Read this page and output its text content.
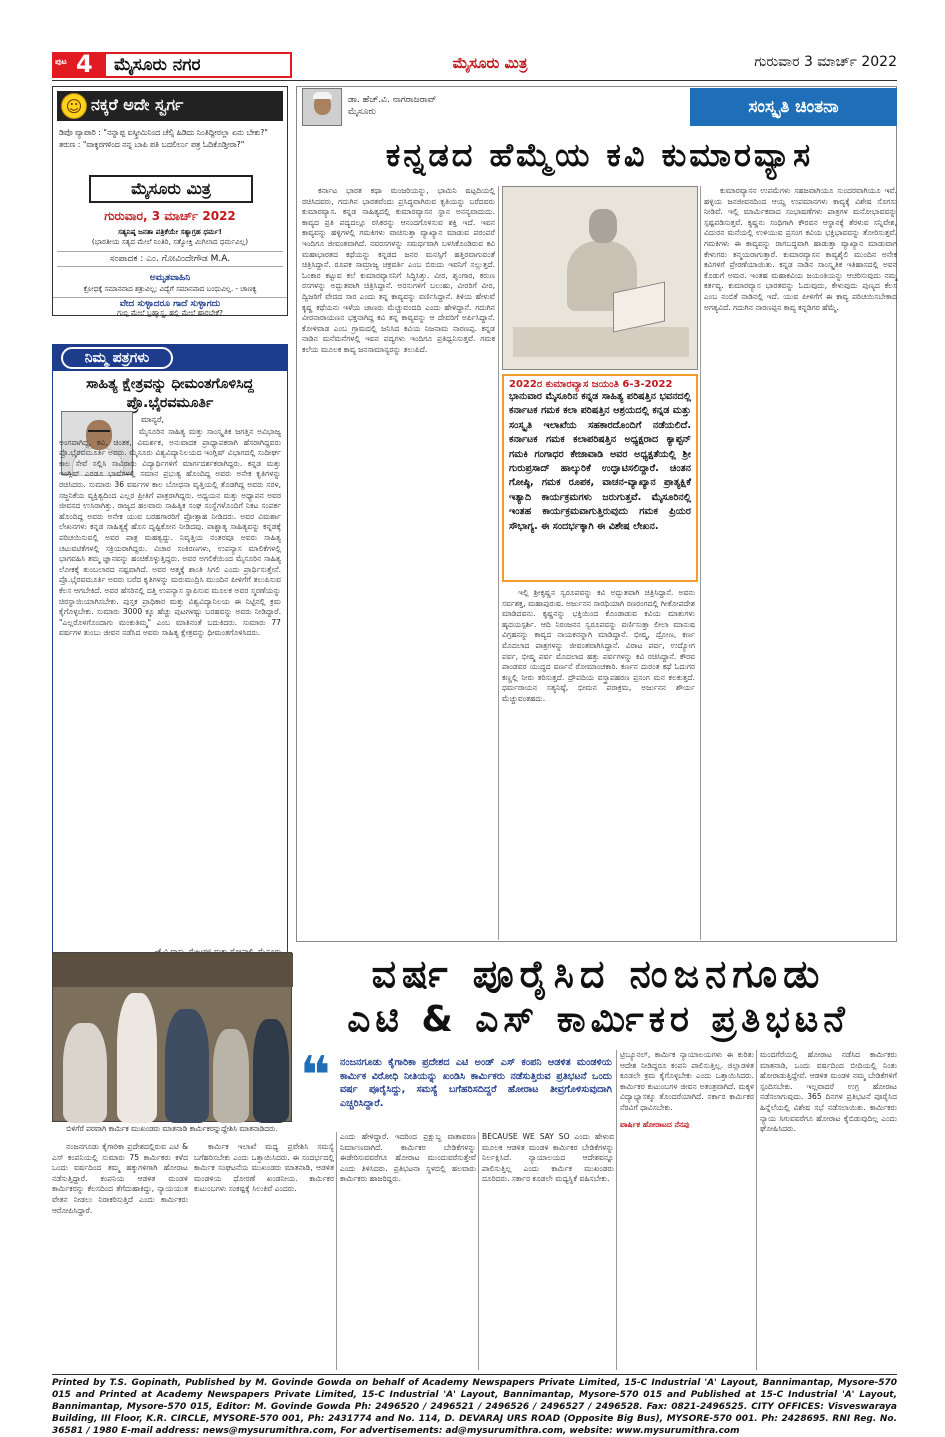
ಪುಟ 4	ಮೈಸೂರು ನಗರ	ಮೈಸೂರು ಮಿತ್ರ	ಗುರುವಾರ 3 ಮಾರ್ಚ್ 2022
☺ ನಕ್ಕರೆ ಅದೇ ಸ್ವರ್ಗ
ಡಿಪೊ ವ್ಯಾಪಾರಿ : "ನನ್ನಾಪ್ಪ ಐಸ್ಕ್ರೀಮಿನಿಂದ ಚೆಲ್ಸಿ ಹಿಡಿದು ನಿಂತಿದ್ದೀರಲ್ಲಾ ಏನು ಬೇಕು?"
ತರುಣ : "ವಾಕ್ಶರಗಳಿಂದ ನನ್ನ ಬಾಪಿ ಪತಿ ಬದಲಿರ್ಲು ಪತ್ರ ಓದಿಕೊಡ್ತೀರಾ?"
ಮೈಸೂರು ಮಿತ್ರ
ಗುರುವಾರ, 3 ಮಾರ್ಚ್ 2022
ಸತ್ಯನಿಷ್ಠ ಜನತಾ ಪತ್ರಿಕೆಯೇ ಸತ್ಯಾಗ್ರಹ ಧರ್ಮ!
(ಭಾರತೀಯ ಸತ್ಯದ ಮೇಲೆ ನಿಂತಿರಿ, ಸತ್ಯೋಕ್ತಿ ಮಿಗಿಲಾದ ಧರ್ಮವಿಲ್ಲ)
ಸಂಪಾದಕ : ಎಂ. ಗೋವಿಂದೇಗೌಡ M.A.
ಅಮೃತವಾಹಿನಿ
ಕ್ರೋಧಕ್ಕೆ ಸಮಾನವಾದ ಶತ್ರುವಿಲ್ಲ; ವಿದ್ಯೆಗೆ ಸಮಾನವಾದ ಬಂಧುವಿಲ್ಲ. - ಚಾಣಕ್ಯ
ವೇದ ಸುಳ್ಳಾದರೂ ಗಾದೆ ಸುಳ್ಳಾಗದು
ಗುಬ್ಬಿ ಮೇಲೆ ಬ್ರಹ್ಮಾಸ್ತ್ರ, ಹಲ್ಲಿ ಮೇಲೆ ಹಾರಬೇಕೆ?
ನಿಮ್ಮ ಪತ್ರಗಳು
ಸಾಹಿತ್ಯ ಕ್ಷೇತ್ರವನ್ನು ಧೀಮಂತಗೊಳಿಸಿದ್ದ ಪ್ರೊ.ಭೈರವಮೂರ್ತಿ
ಮಾನ್ಯರೆ,
ಮೈಸೂರಿನ ಸಾಹಿತ್ಯ ಮತ್ತು ಸಾಂಸ್ಕೃತಿಕ ಜಗತ್ತಿನ ಅವಿಭಾಜ್ಯ ಅಂಗವಾಗಿದ್ದ, ಕವಿ, ಚಿಂತಕ, ವಿಮರ್ಶಕ, ಅನುವಾದಕ ಪ್ರಾಧ್ಯಾಪಕರಾಗಿ ಹೆಸರಾಗಿದ್ದವರು ಪ್ರೊ.ಭೈರವಮೂರ್ತಿ ಅವರು. ಮೈಸೂರು ವಿಶ್ವವಿದ್ಯಾನಿಲಯದ ಇಂಗ್ಲಿಷ್ ವಿಭಾಗದಲ್ಲಿ ಸುದೀರ್ಘ ಕಾಲ ಸೇವೆ ಸಲ್ಲಿಸಿ ಸಾವಿರಾರು ವಿದ್ಯಾರ್ಥಿಗಳಿಗೆ ಮಾರ್ಗದರ್ಶಕರಾಗಿದ್ದರು. ಕನ್ನಡ ಮತ್ತು ಇಂಗ್ಲಿಷ್ ಎರಡೂ ಭಾಷೆಗಳಲ್ಲಿ ಸಮಾನ ಪ್ರಭುತ್ವ ಹೊಂದಿದ್ದ ಅವರು ಅನೇಕ ಕೃತಿಗಳನ್ನು ರಚಿಸಿದರು. ಸುಮಾರು 36 ವರ್ಷಗಳ ಕಾಲ ಬೋಧನಾ ವೃತ್ತಿಯಲ್ಲಿ ತೊಡಗಿದ್ದ ಅವರು ಸರಳ, ಸಜ್ಜನಿಕೆಯ ವ್ಯಕ್ತಿತ್ವದಿಂದ ಎಲ್ಲರ ಪ್ರೀತಿಗೆ ಪಾತ್ರರಾಗಿದ್ದರು. ಅಧ್ಯಯನ ಮತ್ತು ಅಧ್ಯಾಪನ ಅವರ ಜೀವನದ ಉಸಿರಾಗಿತ್ತು. ರಾಜ್ಯದ ಹಲವಾರು ಸಾಹಿತ್ಯಿಕ ಸಂಘ ಸಂಸ್ಥೆಗಳೊಂದಿಗೆ ನಿಕಟ ಸಂಪರ್ಕ ಹೊಂದಿದ್ದ ಅವರು ಅನೇಕ ಯುವ ಬರಹಗಾರರಿಗೆ ಪ್ರೋತ್ಸಾಹ ನೀಡಿದರು. ಅವರ ವಿಮರ್ಶಾ ಲೇಖನಗಳು ಕನ್ನಡ ಸಾಹಿತ್ಯಕ್ಕೆ ಹೊಸ ದೃಷ್ಟಿಕೋನ ನೀಡಿದವು. ಪಾಶ್ಚಾತ್ಯ ಸಾಹಿತ್ಯವನ್ನು ಕನ್ನಡಕ್ಕೆ ಪರಿಚಯಿಸುವಲ್ಲಿ ಅವರ ಪಾತ್ರ ಮಹತ್ವದ್ದು. ನಿವೃತ್ತಿಯ ನಂತರವೂ ಅವರು ಸಾಹಿತ್ಯ ಚಟುವಟಿಕೆಗಳಲ್ಲಿ ಸಕ್ರಿಯರಾಗಿದ್ದರು. ವಿಚಾರ ಸಂಕಿರಣಗಳು, ಉಪನ್ಯಾಸ ಮಾಲಿಕೆಗಳಲ್ಲಿ ಭಾಗವಹಿಸಿ ತಮ್ಮ ಜ್ಞಾನವನ್ನು ಹಂಚಿಕೊಳ್ಳುತ್ತಿದ್ದರು. ಅವರ ಅಗಲಿಕೆಯಿಂದ ಮೈಸೂರಿನ ಸಾಹಿತ್ಯ ಲೋಕಕ್ಕೆ ತುಂಬಲಾರದ ನಷ್ಟವಾಗಿದೆ. ಅವರ ಆತ್ಮಕ್ಕೆ ಶಾಂತಿ ಸಿಗಲಿ ಎಂದು ಪ್ರಾರ್ಥಿಸುತ್ತೇನೆ. ಪ್ರೊ.ಭೈರವಮೂರ್ತಿ ಅವರು ಬರೆದ ಕೃತಿಗಳನ್ನು ಮರುಮುದ್ರಿಸಿ ಮುಂದಿನ ಪೀಳಿಗೆಗೆ ತಲುಪಿಸುವ ಕೆಲಸ ಆಗಬೇಕಿದೆ. ಅವರ ಹೆಸರಿನಲ್ಲಿ ದತ್ತಿ ಉಪನ್ಯಾಸ ಸ್ಥಾಪಿಸುವ ಮೂಲಕ ಅವರ ಸ್ಮರಣೆಯನ್ನು ಚಿರಸ್ಥಾಯಿಯಾಗಿಸಬೇಕು. ಪುಸ್ತಕ ಪ್ರಾಧಿಕಾರ ಮತ್ತು ವಿಶ್ವವಿದ್ಯಾನಿಲಯ ಈ ನಿಟ್ಟಿನಲ್ಲಿ ಕ್ರಮ ಕೈಗೊಳ್ಳಬೇಕು. ಸುಮಾರು 3000 ಕ್ಕೂ ಹೆಚ್ಚು ಪುಟಗಳಷ್ಟು ಬರಹವನ್ನು ಅವರು ನೀಡಿದ್ದಾರೆ. "ಎಲ್ಲರೊಳಗೊಂದಾಗು ಮಂಕುತಿಮ್ಮ" ಎಂಬ ಮಾತಿನಂತೆ ಬದುಕಿದರು. ಸುಮಾರು 77 ವರ್ಷಗಳ ತುಂಬು ಜೀವನ ನಡೆಸಿದ ಅವರು ಸಾಹಿತ್ಯ ಕ್ಷೇತ್ರವನ್ನು ಧೀಮಂತಗೊಳಿಸಿದರು.
ಡಾ. ಹೆಚ್.ವಿ. ನಾಗರಾಜರಾವ್
ಮೈಸೂರು	ಸಂಸ್ಕೃತಿ ಚಿಂತನಾ
ಕನ್ನಡದ ಹೆಮ್ಮೆಯ ಕವಿ ಕುಮಾರವ್ಯಾಸ
ಕರ್ನಾಟ ಭಾರತ ಕಥಾ ಮಂಜರಿಯನ್ನು, ಭಾಮಿನಿ ಷಟ್ಪದಿಯಲ್ಲಿ ರಚಿಸಿದವರು, ಗದುಗಿನ ಭಾರತವೆಂದು ಪ್ರಸಿದ್ಧವಾಗಿರುವ ಕೃತಿಯನ್ನು ಬರೆದವರು ಕುಮಾರವ್ಯಾಸ. ಕನ್ನಡ ಸಾಹಿತ್ಯದಲ್ಲಿ ಕುಮಾರವ್ಯಾಸನ ಸ್ಥಾನ ಅನನ್ಯವಾದುದು. ಕಾವ್ಯದ ಪ್ರತಿ ಪದ್ಯದಲ್ಲೂ ರಸಿಕರನ್ನು ಆನಂದಗೊಳಿಸುವ ಶಕ್ತಿ ಇದೆ. ಇವನ ಕಾವ್ಯವನ್ನು ಹಳ್ಳಿಗಳಲ್ಲಿ ಗಮಕಿಗಳು ವಾಚಿಸುತ್ತಾ ವ್ಯಾಖ್ಯಾನ ಮಾಡುವ ಪರಂಪರೆ ಇಂದಿಗೂ ಜೀವಂತವಾಗಿದೆ. ನವರಸಗಳನ್ನು ಸಮರ್ಥವಾಗಿ ಬಳಸಿಕೊಂಡಿರುವ ಕವಿ ಮಹಾಭಾರತದ ಕಥೆಯನ್ನು ಕನ್ನಡದ ಜನರ ಮನಸ್ಸಿಗೆ ಹತ್ತಿರವಾಗುವಂತೆ ಚಿತ್ರಿಸಿದ್ದಾನೆ. ರೂಪಕ ಸಾಮ್ರಾಜ್ಯ ಚಕ್ರವರ್ತಿ ಎಂಬ ಬಿರುದು ಇವನಿಗೆ ಸಲ್ಲುತ್ತದೆ. ಓಂಕಾರ ಕಟ್ಟುವ ಕಲೆ ಕುಮಾರವ್ಯಾಸನಿಗೆ ಸಿದ್ಧಿಸಿತ್ತು. ವೀರ, ಶೃಂಗಾರ, ಕರುಣ ರಸಗಳನ್ನು ಅದ್ಭುತವಾಗಿ ಚಿತ್ರಿಸಿದ್ದಾನೆ. ಅರಸುಗಳಿಗೆ ಬಲುಹು, ವೀರರಿಗೆ ವೀರ, ದ್ವಿಜರಿಗೆ ವೇದದ ಸಾರ ಎಂದು ತನ್ನ ಕಾವ್ಯವನ್ನು ವರ್ಣಿಸಿದ್ದಾನೆ. ತಿಳಿಯ ಹೇಳುವೆ ಕೃಷ್ಣ ಕಥೆಯನು ಇಳೆಯ ಜಾಣರು ಮೆಚ್ಚುವಂದದಿ ಎಂದು ಹೇಳಿದ್ದಾನೆ. ಗದುಗಿನ ವೀರನಾರಾಯಣನ ಭಕ್ತನಾಗಿದ್ದ ಕವಿ ತನ್ನ ಕಾವ್ಯವನ್ನು ಆ ದೇವರಿಗೆ ಅರ್ಪಿಸಿದ್ದಾನೆ. ಕೋಳಿವಾಡ ಎಂಬ ಗ್ರಾಮದಲ್ಲಿ ಜನಿಸಿದ ಕವಿಯ ನಿಜನಾಮ ನಾರಣಪ್ಪ. ಕನ್ನಡ ನಾಡಿನ ಮನೆಮನೆಗಳಲ್ಲಿ ಇವನ ಪದ್ಯಗಳು ಇಂದಿಗೂ ಪ್ರತಿಧ್ವನಿಸುತ್ತವೆ. ಗಮಕ ಕಲೆಯ ಮೂಲಕ ಕಾವ್ಯ ಜನಸಾಮಾನ್ಯರನ್ನು ತಲುಪಿದೆ.
2022ರ ಕುಮಾರವ್ಯಾಸ ಜಯಂತಿ 6-3-2022
ಭಾನುವಾರ ಮೈಸೂರಿನ ಕನ್ನಡ ಸಾಹಿತ್ಯ ಪರಿಷತ್ತಿನ ಭವನದಲ್ಲಿ ಕರ್ನಾಟಕ ಗಮಕ ಕಲಾ ಪರಿಷತ್ತಿನ ಆಶ್ರಯದಲ್ಲಿ ಕನ್ನಡ ಮತ್ತು ಸಂಸ್ಕೃತಿ ಇಲಾಖೆಯ ಸಹಕಾರದೊಂದಿಗೆ ನಡೆಯಲಿದೆ. ಕರ್ನಾಟಕ ಗಮಕ ಕಲಾಪರಿಷತ್ತಿನ ಅಧ್ಯಕ್ಷರಾದ ಕ್ಯಾಪ್ಟನ್ ಗಮಕಿ ಗಂಗಾಧರ ಕೇಜಾವಾಡಿ ಅವರ ಅಧ್ಯಕ್ಷತೆಯಲ್ಲಿ ಶ್ರೀ ಗುರುಪ್ರಸಾದ್ ಹಾಲ್ಕುರಿಕೆ ಉದ್ಘಾಟಿಸಲಿದ್ದಾರೆ. ಚಿಂತನ ಗೋಷ್ಠಿ, ಗಮಕ ರೂಪಕ, ವಾಚನ-ವ್ಯಾಖ್ಯಾನ ಪ್ರಾತ್ಯಕ್ಷಿಕೆ ಇತ್ಯಾದಿ ಕಾರ್ಯಕ್ರಮಗಳು ಜರುಗುತ್ತವೆ. ಮೈಸೂರಿನಲ್ಲಿ ಇಂತಹ ಕಾರ್ಯಕ್ರಮವಾಗುತ್ತಿರುವುದು ಗಮಕ ಪ್ರಿಯರ ಸೌಭಾಗ್ಯ. ಈ ಸಂದರ್ಭಕ್ಕಾಗಿ ಈ ವಿಶೇಷ ಲೇಖನ.
ಇಲ್ಲಿ ಶ್ರೀಕೃಷ್ಣನ ಸ್ವರೂಪವನ್ನು ಕವಿ ಅದ್ಭುತವಾಗಿ ಚಿತ್ರಿಸಿದ್ದಾನೆ. ಅವನು ಸರ್ವಶಕ್ತ, ಮಹಾಪುರುಷ. ಅರ್ಜುನನ ಸಾರಥಿಯಾಗಿ ರಣರಂಗದಲ್ಲಿ ಗೀತೋಪದೇಶ ಮಾಡಿದವನು. ಕೃಷ್ಣನನ್ನು ಭಕ್ತಿಯಿಂದ ಕೊಂಡಾಡುವ ಕವಿಯ ಮಾತುಗಳು ಹೃದಯಸ್ಪರ್ಶಿ. ಆದಿ ನಿರಂಜನನ ಸ್ವರೂಪವನ್ನು ವರ್ಣಿಸುತ್ತಾ ಲೀಲಾ ಮಾನುಷ ವಿಗ್ರಹನನ್ನು ಕಾವ್ಯದ ನಾಯಕನನ್ನಾಗಿ ಮಾಡಿದ್ದಾನೆ. ಭೀಷ್ಮ, ದ್ರೋಣ, ಕರ್ಣ ಮೊದಲಾದ ಪಾತ್ರಗಳನ್ನು ಜೀವಂತವಾಗಿಸಿದ್ದಾನೆ. ವಿರಾಟ ಪರ್ವ, ಉದ್ಯೋಗ ಪರ್ವ, ಭೀಷ್ಮ ಪರ್ವ ಮೊದಲಾದ ಹತ್ತು ಪರ್ವಗಳನ್ನು ಕವಿ ರಚಿಸಿದ್ದಾನೆ. ಕೌರವ ಪಾಂಡವರ ಯುದ್ಧದ ವರ್ಣನೆ ರೋಮಾಂಚಕಾರಿ. ಕರ್ಣನ ದುರಂತ ಕಥೆ ಓದುಗರ ಕಣ್ಣಲ್ಲಿ ನೀರು ತರಿಸುತ್ತದೆ. ದ್ರೌಪದಿಯ ವಸ್ತ್ರಾಪಹರಣ ಪ್ರಸಂಗ ಮನ ಕಲಕುತ್ತದೆ. ಧರ್ಮರಾಯನ ಸತ್ಯನಿಷ್ಠೆ, ಭೀಮನ ಪರಾಕ್ರಮ, ಅರ್ಜುನನ ಶೌರ್ಯ ಮೆಚ್ಚುವಂತಹದು.
ಕುಮಾರವ್ಯಾಸನ ಉಪಮೆಗಳು ಸಹಜವಾಗಿಯೂ ಸುಂದರವಾಗಿಯೂ ಇವೆ. ಹಳ್ಳಿಯ ಜನಜೀವನದಿಂದ ಆಯ್ದ ಉಪಮಾನಗಳು ಕಾವ್ಯಕ್ಕೆ ವಿಶೇಷ ಸೊಗಸು ನೀಡಿವೆ. ಇಲ್ಲಿ ಮಾರ್ಮಿಕವಾದ ಸಂಭಾಷಣೆಗಳು ಪಾತ್ರಗಳ ಮನೋಭಾವವನ್ನು ಸ್ಪಷ್ಟಪಡಿಸುತ್ತವೆ. ಕೃಷ್ಣನು ಸಂಧಿಗಾಗಿ ಕೌರವನ ಆಸ್ಥಾನಕ್ಕೆ ತೆರಳುವ ಸನ್ನಿವೇಶ, ವಿದುರನ ಮನೆಯಲ್ಲಿ ಉಳಿಯುವ ಪ್ರಸಂಗ ಕವಿಯ ಭಕ್ತಿಭಾವವನ್ನು ತೋರಿಸುತ್ತವೆ. ಗಮಕಿಗಳು ಈ ಕಾವ್ಯವನ್ನು ರಾಗಬದ್ಧವಾಗಿ ಹಾಡುತ್ತಾ ವ್ಯಾಖ್ಯಾನ ಮಾಡುವಾಗ ಕೇಳುಗರು ತನ್ಮಯರಾಗುತ್ತಾರೆ. ಕುಮಾರವ್ಯಾಸನ ಕಾವ್ಯಶೈಲಿ ಮುಂದಿನ ಅನೇಕ ಕವಿಗಳಿಗೆ ಪ್ರೇರಣೆಯಾಯಿತು. ಕನ್ನಡ ನಾಡಿನ ಸಾಂಸ್ಕೃತಿಕ ಇತಿಹಾಸದಲ್ಲಿ ಅವನ ಕೊಡುಗೆ ಅಮರ. ಇಂತಹ ಮಹಾಕವಿಯ ಜಯಂತಿಯನ್ನು ಆಚರಿಸುವುದು ನಮ್ಮ ಕರ್ತವ್ಯ. ಕುಮಾರವ್ಯಾಸ ಭಾರತವನ್ನು ಓದುವುದು, ಕೇಳುವುದು ಪುಣ್ಯದ ಕೆಲಸ ಎಂಬ ನಂಬಿಕೆ ನಾಡಿನಲ್ಲಿ ಇದೆ. ಯುವ ಪೀಳಿಗೆಗೆ ಈ ಕಾವ್ಯ ಪರಿಚಯಿಸಬೇಕಾದ ಅಗತ್ಯವಿದೆ. ಗದುಗಿನ ನಾರಣಪ್ಪನ ಕಾವ್ಯ ಕನ್ನಡಿಗರ ಹೆಮ್ಮೆ.
ಬಿಳಿಗೆರೆ ಪರವಾಗಿ ಕಾರ್ಮಿಕ ಮುಖಂಡರು ಮಾತನಾಡಿ ಕಾರ್ಮಿಕರನ್ನುದ್ದೇಶಿಸಿ ಮಾತನಾಡಿದರು.
ವರ್ಷ ಪೂರೈಸಿದ ನಂಜನಗೂಡು
ಎಟಿ & ಎಸ್ ಕಾರ್ಮಿಕರ ಪ್ರತಿಭಟನೆ
❝ ನಂಜನಗೂಡು ಕೈಗಾರಿಕಾ ಪ್ರದೇಶದ ಎಟಿ ಅಂಡ್ ಎಸ್ ಕಂಪನಿ ಆಡಳಿತ ಮಂಡಳಿಯ ಕಾರ್ಮಿಕ ವಿರೋಧಿ ನೀತಿಯನ್ನು ಖಂಡಿಸಿ ಕಾರ್ಮಿಕರು ನಡೆಸುತ್ತಿರುವ ಪ್ರತಿಭಟನೆ ಒಂದು ವರ್ಷ ಪೂರೈಸಿದ್ದು, ಸಮಸ್ಯೆ ಬಗೆಹರಿಸದಿದ್ದರೆ ಹೋರಾಟ ತೀವ್ರಗೊಳಿಸುವುದಾಗಿ ಎಚ್ಚರಿಸಿದ್ದಾರೆ.
ನಂಜನಗೂಡು ಕೈಗಾರಿಕಾ ಪ್ರದೇಶದಲ್ಲಿರುವ ಎಟಿ & ಎಸ್ ಕಂಪನಿಯಲ್ಲಿ ಸುಮಾರು 75 ಕಾರ್ಮಿಕರು ಕಳೆದ ಒಂದು ವರ್ಷದಿಂದ ತಮ್ಮ ಹಕ್ಕುಗಳಿಗಾಗಿ ಹೋರಾಟ ನಡೆಸುತ್ತಿದ್ದಾರೆ. ಕಂಪನಿಯ ಆಡಳಿತ ಮಂಡಳಿ ಕಾರ್ಮಿಕರನ್ನು ಕೆಲಸದಿಂದ ತೆಗೆದುಹಾಕಿದ್ದು, ನ್ಯಾಯಯುತ ವೇತನ ನೀಡಲು ನಿರಾಕರಿಸುತ್ತಿದೆ ಎಂದು ಕಾರ್ಮಿಕರು ಆರೋಪಿಸಿದ್ದಾರೆ.
ಕಾರ್ಮಿಕ ಇಲಾಖೆ ಮಧ್ಯ ಪ್ರವೇಶಿಸಿ ಸಮಸ್ಯೆ ಬಗೆಹರಿಸಬೇಕು ಎಂದು ಒತ್ತಾಯಿಸಿದರು. ಈ ಸಂದರ್ಭದಲ್ಲಿ ಕಾರ್ಮಿಕ ಸಂಘಟನೆಯ ಮುಖಂಡರು ಮಾತನಾಡಿ, ಆಡಳಿತ ಮಂಡಳಿಯ ಧೋರಣೆ ಖಂಡನೀಯ. ಕಾರ್ಮಿಕರ ಕುಟುಂಬಗಳು ಸಂಕಷ್ಟಕ್ಕೆ ಸಿಲುಕಿವೆ ಎಂದರು.
ಎಂದು ಹೇಳಿದ್ದಾರೆ. ಇದರಿಂದ ಪ್ರಕ್ಷುಬ್ಧ ವಾತಾವರಣ ನಿರ್ಮಾಣವಾಗಿದೆ. ಕಾರ್ಮಿಕರ ಬೇಡಿಕೆಗಳನ್ನು ಈಡೇರಿಸುವವರೆಗೂ ಹೋರಾಟ ಮುಂದುವರೆಸುತ್ತೇವೆ ಎಂದು ತಿಳಿಸಿದರು. ಪ್ರತಿಭಟನಾ ಸ್ಥಳದಲ್ಲಿ ಹಲವಾರು ಕಾರ್ಮಿಕರು ಹಾಜರಿದ್ದರು.
BECAUSE WE SAY SO ಎಂದು ಹೇಳುವ ಮೂಲಕ ಆಡಳಿತ ಮಂಡಳಿ ಕಾರ್ಮಿಕರ ಬೇಡಿಕೆಗಳನ್ನು ನಿರ್ಲಕ್ಷಿಸಿದೆ. ನ್ಯಾಯಾಲಯದ ಆದೇಶವನ್ನೂ ಪಾಲಿಸುತ್ತಿಲ್ಲ ಎಂದು ಕಾರ್ಮಿಕ ಮುಖಂಡರು ದೂರಿದರು. ಸರ್ಕಾರ ಕೂಡಲೇ ಮಧ್ಯಸ್ಥಿಕೆ ವಹಿಸಬೇಕು.
ಟ್ರಿಬ್ಯೂನಲ್, ಕಾರ್ಮಿಕ ನ್ಯಾಯಾಲಯಗಳು ಈ ಕುರಿತು ಆದೇಶ ನೀಡಿದ್ದರೂ ಕಂಪನಿ ಪಾಲಿಸುತ್ತಿಲ್ಲ. ಜಿಲ್ಲಾಡಳಿತ ಕೂಡಲೇ ಕ್ರಮ ಕೈಗೊಳ್ಳಬೇಕು ಎಂದು ಒತ್ತಾಯಿಸಿದರು. ಕಾರ್ಮಿಕರ ಕುಟುಂಬಗಳ ಜೀವನ ಅತಂತ್ರವಾಗಿದೆ. ಮಕ್ಕಳ ವಿದ್ಯಾಭ್ಯಾಸಕ್ಕೂ ತೊಂದರೆಯಾಗಿದೆ. ಸರ್ಕಾರ ಕಾರ್ಮಿಕರ ನೆರವಿಗೆ ಧಾವಿಸಬೇಕು.
ವಾರ್ಷಿಕ ಹೋರಾಟದ ನೆನಪು
ಮಂದಗೆರೆಯಲ್ಲಿ ಹೋರಾಟ ನಡೆಸಿದ ಕಾರ್ಮಿಕರು ಮಾತನಾಡಿ, ಒಂದು ವರ್ಷದಿಂದ ಬೀದಿಯಲ್ಲಿ ನಿಂತು ಹೋರಾಡುತ್ತಿದ್ದೇವೆ. ಆಡಳಿತ ಮಂಡಳಿ ನಮ್ಮ ಬೇಡಿಕೆಗಳಿಗೆ ಸ್ಪಂದಿಸಬೇಕು. ಇಲ್ಲವಾದರೆ ಉಗ್ರ ಹೋರಾಟ ನಡೆಸಲಾಗುವುದು. 365 ದಿನಗಳ ಪ್ರತಿಭಟನೆ ಪೂರೈಸಿದ ಹಿನ್ನೆಲೆಯಲ್ಲಿ ವಿಶೇಷ ಸಭೆ ನಡೆಸಲಾಯಿತು. ಕಾರ್ಮಿಕರು ನ್ಯಾಯ ಸಿಗುವವರೆಗೂ ಹೋರಾಟ ಕೈಬಿಡುವುದಿಲ್ಲ ಎಂದು ಘೋಷಿಸಿದರು.
Printed by T.S. Gopinath, Published by M. Govinde Gowda on behalf of Academy Newspapers Private Limited, 15-C Industrial 'A' Layout, Bannimantap, Mysore-570 015 and Printed at Academy Newspapers Private Limited, 15-C Industrial 'A' Layout, Bannimantap, Mysore-570 015 and Published at 15-C Industrial 'A' Layout, Bannimantap, Mysore-570 015, Editor: M. Govinde Gowda Ph: 2496520 / 2496521 / 2496526 / 2496527 / 2496528. Fax: 0821-2496525. CITY OFFICES: Visveswaraya Building, III Floor, K.R. CIRCLE, MYSORE-570 001, Ph: 2431774 and No. 114, D. DEVARAJ URS ROAD (Opposite Big Bus), MYSORE-570 001. Ph: 2428695. RNI Reg. No. 36581 / 1980 E-mail address: news@mysurumithra.com, For advertisements: ad@mysurumithra.com, website: www.mysurumithra.com
